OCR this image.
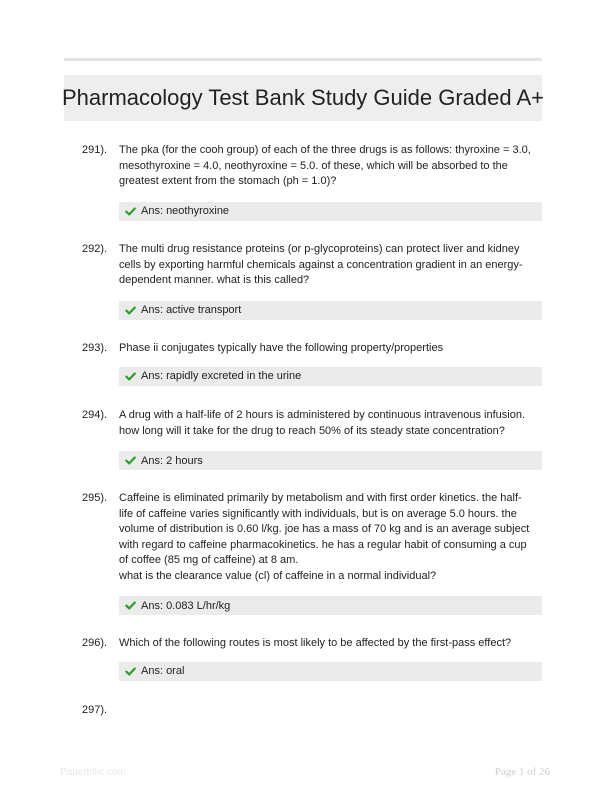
Pharmacology Test Bank Study Guide Graded A+
291).	The pka (for the cooh group) of each of the three drugs is as follows: thyroxine = 3.0, mesothyroxine = 4.0, neothyroxine = 5.0. of these, which will be absorbed to the greatest extent from the stomach (ph = 1.0)?
Ans: neothyroxine
292).	The multi drug resistance proteins (or p-glycoproteins) can protect liver and kidney cells by exporting harmful chemicals against a concentration gradient in an energy-dependent manner. what is this called?
Ans: active transport
293).	Phase ii conjugates typically have the following property/properties
Ans: rapidly excreted in the urine
294).	A drug with a half-life of 2 hours is administered by continuous intravenous infusion. how long will it take for the drug to reach 50% of its steady state concentration?
Ans: 2 hours
295).	Caffeine is eliminated primarily by metabolism and with first order kinetics. the half-life of caffeine varies significantly with individuals, but is on average 5.0 hours. the volume of distribution is 0.60 l/kg. joe has a mass of 70 kg and is an average subject with regard to caffeine pharmacokinetics. he has a regular habit of consuming a cup of coffee (85 mg of caffeine) at 8 am.
what is the clearance value (cl) of caffeine in a normal individual?
Ans: 0.083 L/hr/kg
296).	Which of the following routes is most likely to be affected by the first-pass effect?
Ans: oral
297).
Paperbllic.com	Page 1 of 26
